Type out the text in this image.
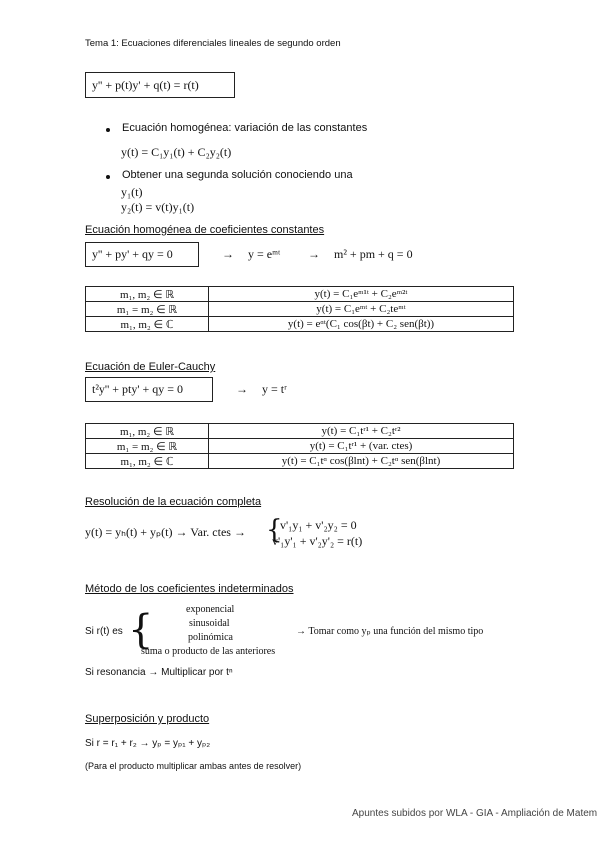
Tema 1: Ecuaciones diferenciales lineales de segundo orden
y'' + p(t)y' + q(t) = r(t)
Ecuación homogénea: variación de las constantes
y(t) = C₁y₁(t) + C₂y₂(t)
Obtener una segunda solución conociendo una
y₁(t)
y₂(t) = v(t)y₁(t)
Ecuación homogénea de coeficientes constantes
y'' + py' + qy = 0	→ y = eᵐᵗ → m² + pm + q = 0
m₁, m₂ ∈ ℝ	y(t) = C₁eᵐ¹ᵗ + C₂eᵐ²ᵗ
m₁ = m₂ ∈ ℝ	y(t) = C₁eᵐᵗ + C₂teᵐᵗ
m₁, m₂ ∈ ℂ	y(t) = eᵅᵗ(C₁ cos(βt) + C₂ sen(βt))
Ecuación de Euler-Cauchy
t²y'' + pty' + qy = 0	→ y = tʳ
m₁, m₂ ∈ ℝ	y(t) = C₁tʳ¹ + C₂tʳ²
m₁ = m₂ ∈ ℝ	y(t) = C₁tʳ¹ + (var. ctes)
m₁, m₂ ∈ ℂ	y(t) = C₁tᵅ cos(βlnt) + C₂tᵅ sen(βlnt)
Resolución de la ecuación completa
y(t) = yₕ(t) + yₚ(t) → Var. ctes → {
v'₁y₁ + v'₂y₂ = 0
v'₁y'₁ + v'₂y'₂ = r(t)
Método de los coeficientes indeterminados
Si r(t) es {	exponencial
sinusoidal
polinómica
suma o producto de las anteriores
→ Tomar como yₚ una función del mismo tipo
Si resonancia → Multiplicar por tⁿ
Superposición y producto
Si r = r₁ + r₂ → yₚ = yₚ₁ + yₚ₂
(Para el producto multiplicar ambas antes de resolver)
Apuntes subidos por WLA - GIA - Ampliación de Matem
